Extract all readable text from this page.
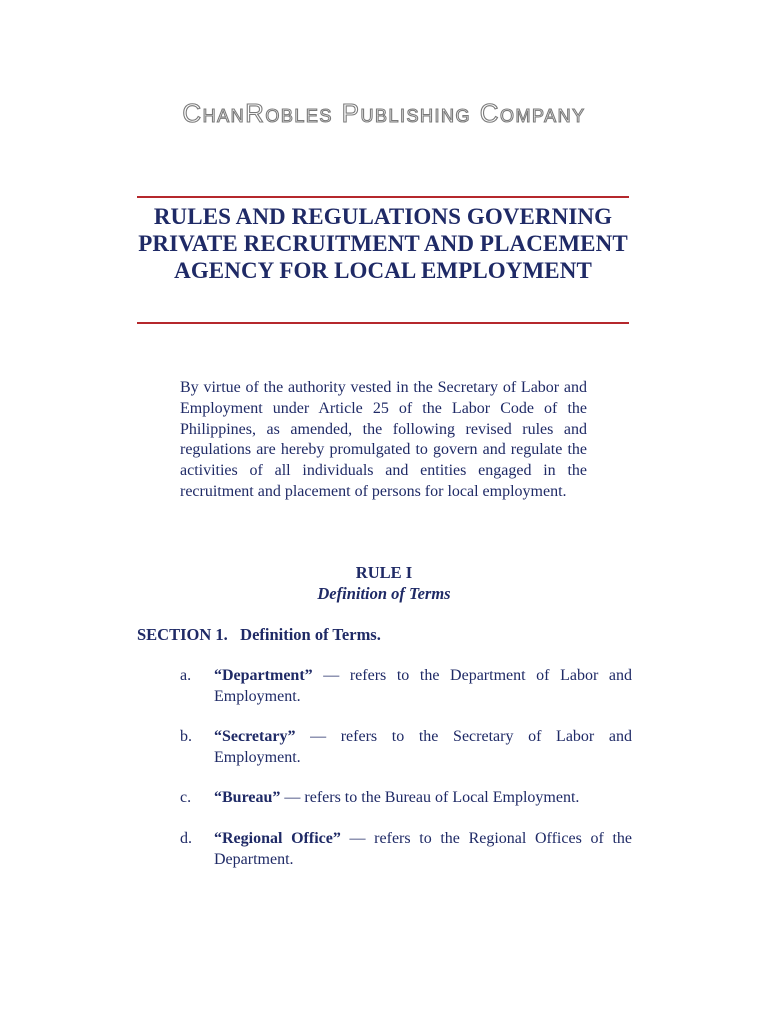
ChanRobles Publishing Company
RULES AND REGULATIONS GOVERNING PRIVATE RECRUITMENT AND PLACEMENT AGENCY FOR LOCAL EMPLOYMENT

By virtue of the authority vested in the Secretary of Labor and Employment under Article 25 of the Labor Code of the Philippines, as amended, the following revised rules and regulations are hereby promulgated to govern and regulate the activities of all individuals and entities engaged in the recruitment and placement of persons for local employment.

RULE I
Definition of Terms

SECTION 1.   Definition of Terms.

a. “Department” — refers to the Department of Labor and Employment.
b. “Secretary” — refers to the Secretary of Labor and Employment.
c. “Bureau” — refers to the Bureau of Local Employment.
d. “Regional Office” — refers to the Regional Offices of the Department.
